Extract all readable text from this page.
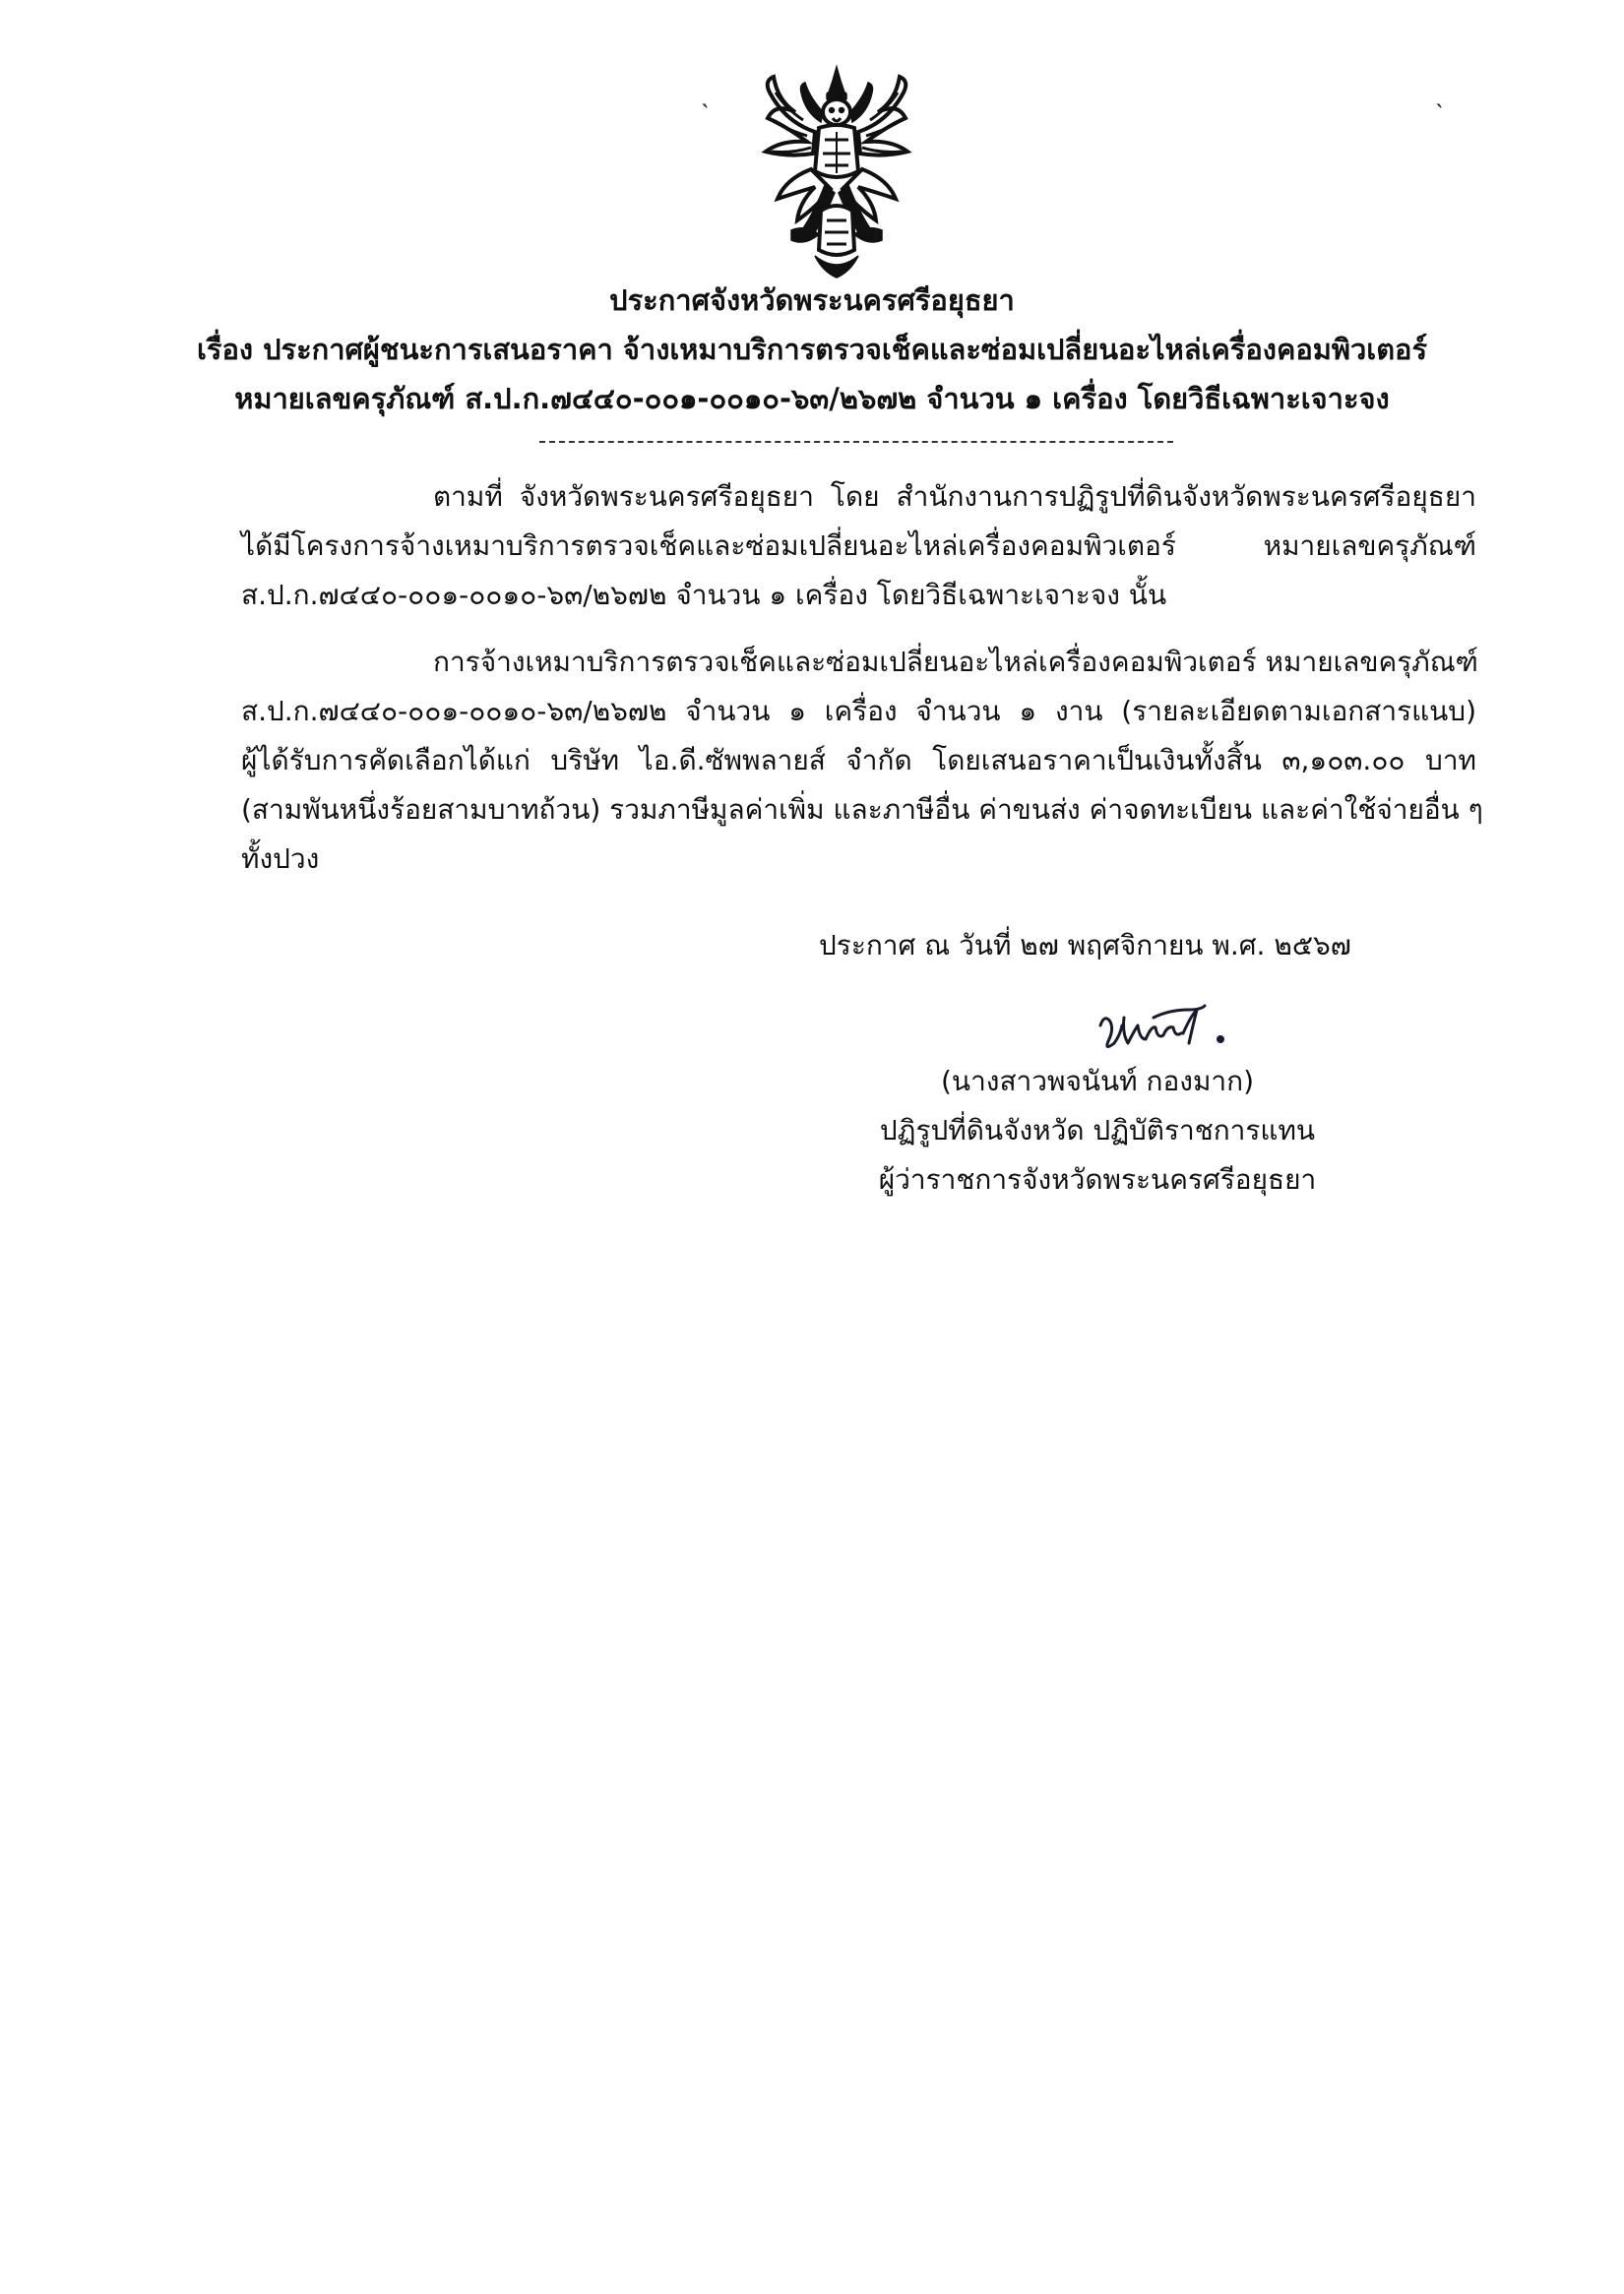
˴	˴
ประกาศจังหวัดพระนครศรีอยุธยา
เรื่อง ประกาศผู้ชนะการเสนอราคา จ้างเหมาบริการตรวจเช็คและซ่อมเปลี่ยนอะไหล่เครื่องคอมพิวเตอร์
หมายเลขครุภัณฑ์ ส.ป.ก.๗๔๔๐-๐๐๑-๐๐๑๐-๖๓/๒๖๗๒ จำนวน ๑ เครื่อง โดยวิธีเฉพาะเจาะจง
ตามที่ จังหวัดพระนครศรีอยุธยา โดย สำนักงานการปฏิรูปที่ดินจังหวัดพระนครศรีอยุธยา
ได้มีโครงการจ้างเหมาบริการตรวจเช็คและซ่อมเปลี่ยนอะไหล่เครื่องคอมพิวเตอร์ หมายเลขครุภัณฑ์
ส.ป.ก.๗๔๔๐-๐๐๑-๐๐๑๐-๖๓/๒๖๗๒ จำนวน ๑ เครื่อง โดยวิธีเฉพาะเจาะจง นั้น
การจ้างเหมาบริการตรวจเช็คและซ่อมเปลี่ยนอะไหล่เครื่องคอมพิวเตอร์ หมายเลขครุภัณฑ์
ส.ป.ก.๗๔๔๐-๐๐๑-๐๐๑๐-๖๓/๒๖๗๒ จำนวน ๑ เครื่อง จำนวน ๑ งาน (รายละเอียดตามเอกสารแนบ)
ผู้ได้รับการคัดเลือกได้แก่ บริษัท ไอ.ดี.ซัพพลายส์ จำกัด โดยเสนอราคาเป็นเงินทั้งสิ้น ๓,๑๐๓.๐๐ บาท
(สามพันหนึ่งร้อยสามบาทถ้วน) รวมภาษีมูลค่าเพิ่ม และภาษีอื่น ค่าขนส่ง ค่าจดทะเบียน และค่าใช้จ่ายอื่น ๆ
ทั้งปวง
ประกาศ ณ วันที่ ๒๗ พฤศจิกายน พ.ศ. ๒๕๖๗
(นางสาวพจนันท์ กองมาก)
ปฏิรูปที่ดินจังหวัด ปฏิบัติราชการแทน
ผู้ว่าราชการจังหวัดพระนครศรีอยุธยา
